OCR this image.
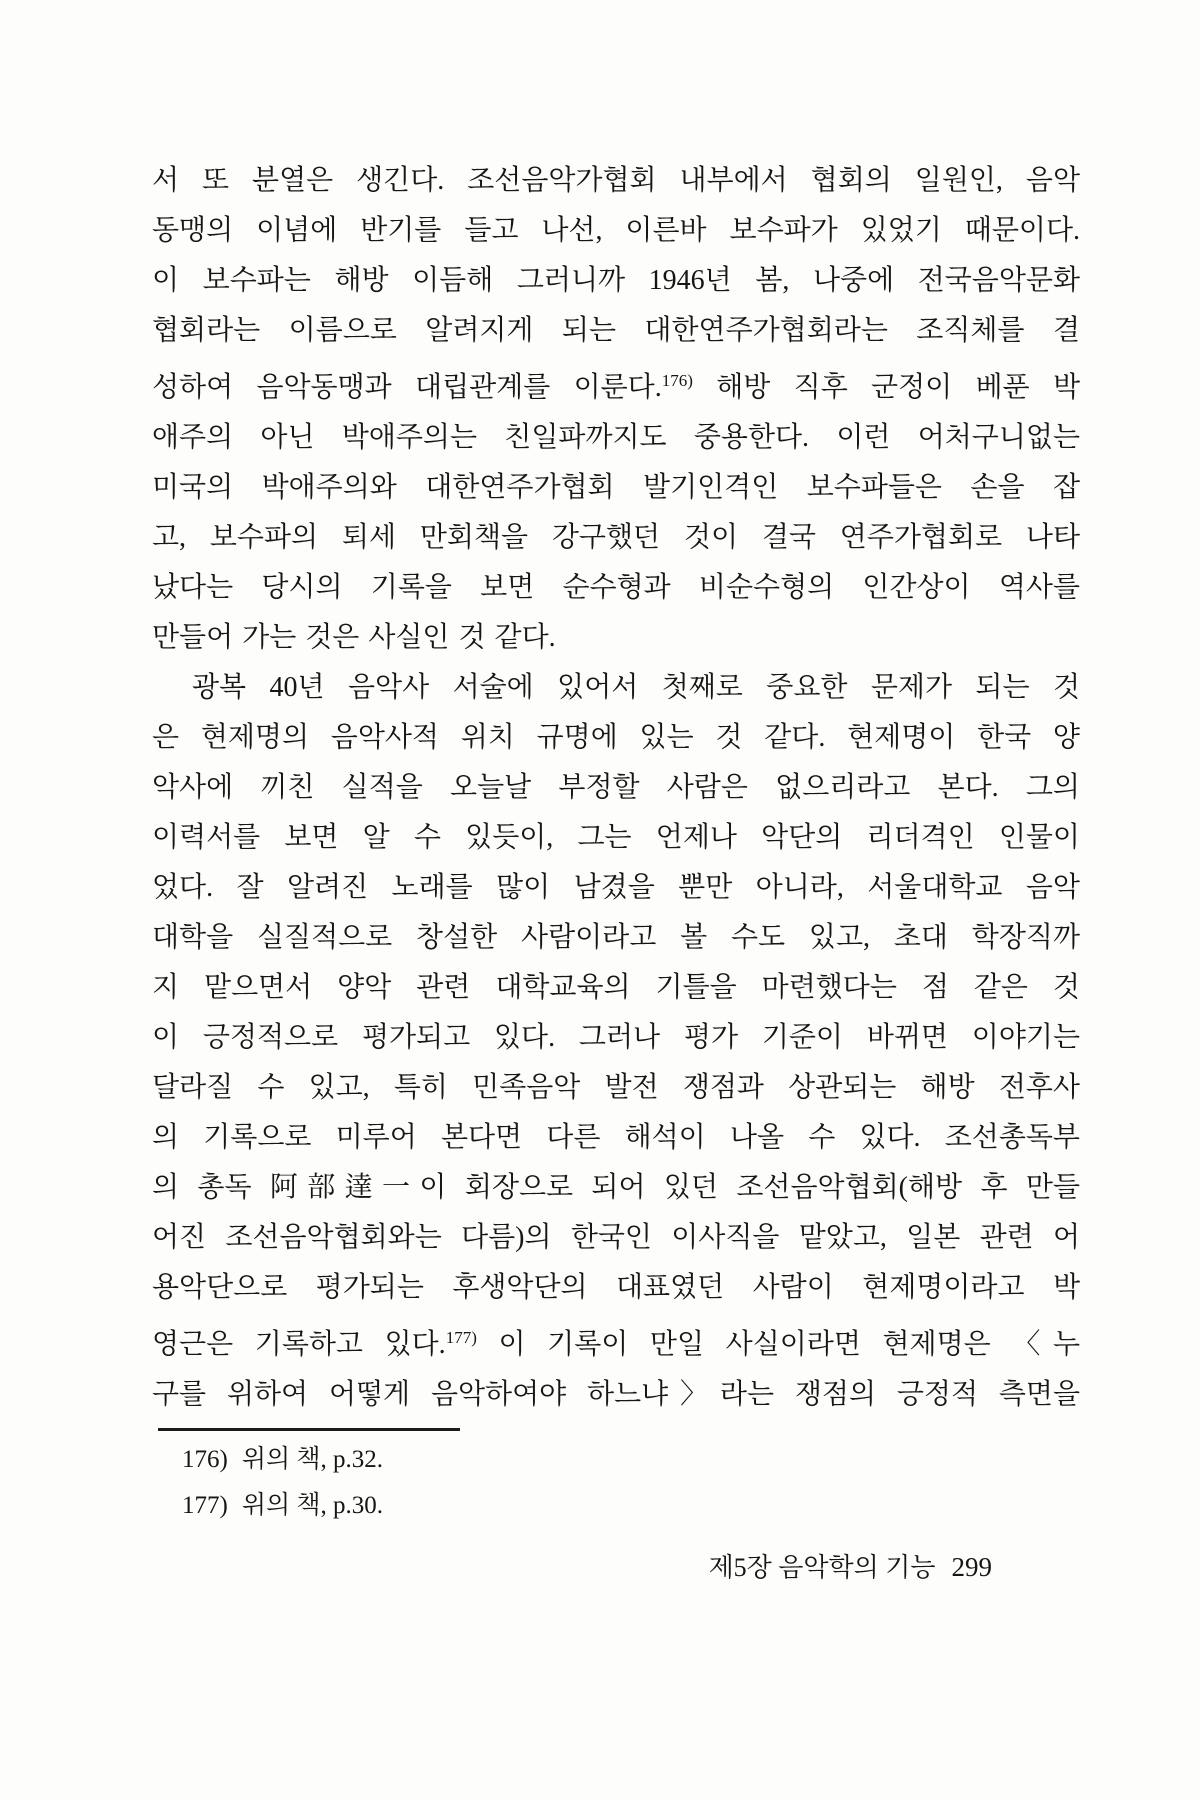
서 또 분열은 생긴다. 조선음악가협회 내부에서 협회의 일원인, 음악
동맹의 이념에 반기를 들고 나선, 이른바 보수파가 있었기 때문이다.
이 보수파는 해방 이듬해 그러니까 1946년 봄, 나중에 전국음악문화
협회라는 이름으로 알려지게 되는 대한연주가협회라는 조직체를 결
성하여 음악동맹과 대립관계를 이룬다.$^{176)}$ 해방 직후 군정이 베푼 박
애주의 아닌 박애주의는 친일파까지도 중용한다. 이런 어처구니없는
미국의 박애주의와 대한연주가협회 발기인격인 보수파들은 손을 잡
고, 보수파의 퇴세 만회책을 강구했던 것이 결국 연주가협회로 나타
났다는 당시의 기록을 보면 순수형과 비순수형의 인간상이 역사를
만들어 가는 것은 사실인 것 같다.
광복 40년 음악사 서술에 있어서 첫째로 중요한 문제가 되는 것
은 현제명의 음악사적 위치 규명에 있는 것 같다. 현제명이 한국 양
악사에 끼친 실적을 오늘날 부정할 사람은 없으리라고 본다. 그의
이력서를 보면 알 수 있듯이, 그는 언제나 악단의 리더격인 인물이
었다. 잘 알려진 노래를 많이 남겼을 뿐만 아니라, 서울대학교 음악
대학을 실질적으로 창설한 사람이라고 볼 수도 있고, 초대 학장직까
지 맡으면서 양악 관련 대학교육의 기틀을 마련했다는 점 같은 것
이 긍정적으로 평가되고 있다. 그러나 평가 기준이 바뀌면 이야기는
달라질 수 있고, 특히 민족음악 발전 쟁점과 상관되는 해방 전후사
의 기록으로 미루어 본다면 다른 해석이 나올 수 있다. 조선총독부
의 총독 阿部達一이 회장으로 되어 있던 조선음악협회(해방 후 만들
어진 조선음악협회와는 다름)의 한국인 이사직을 맡았고, 일본 관련 어
용악단으로 평가되는 후생악단의 대표였던 사람이 현제명이라고 박
영근은 기록하고 있다.$^{177)}$ 이 기록이 만일 사실이라면 현제명은 〈누
구를 위하여 어떻게 음악하여야 하느냐〉라는 쟁점의 긍정적 측면을
176) 위의 책, p.32.
177) 위의 책, p.30.
제5장 음악학의 기능 299
